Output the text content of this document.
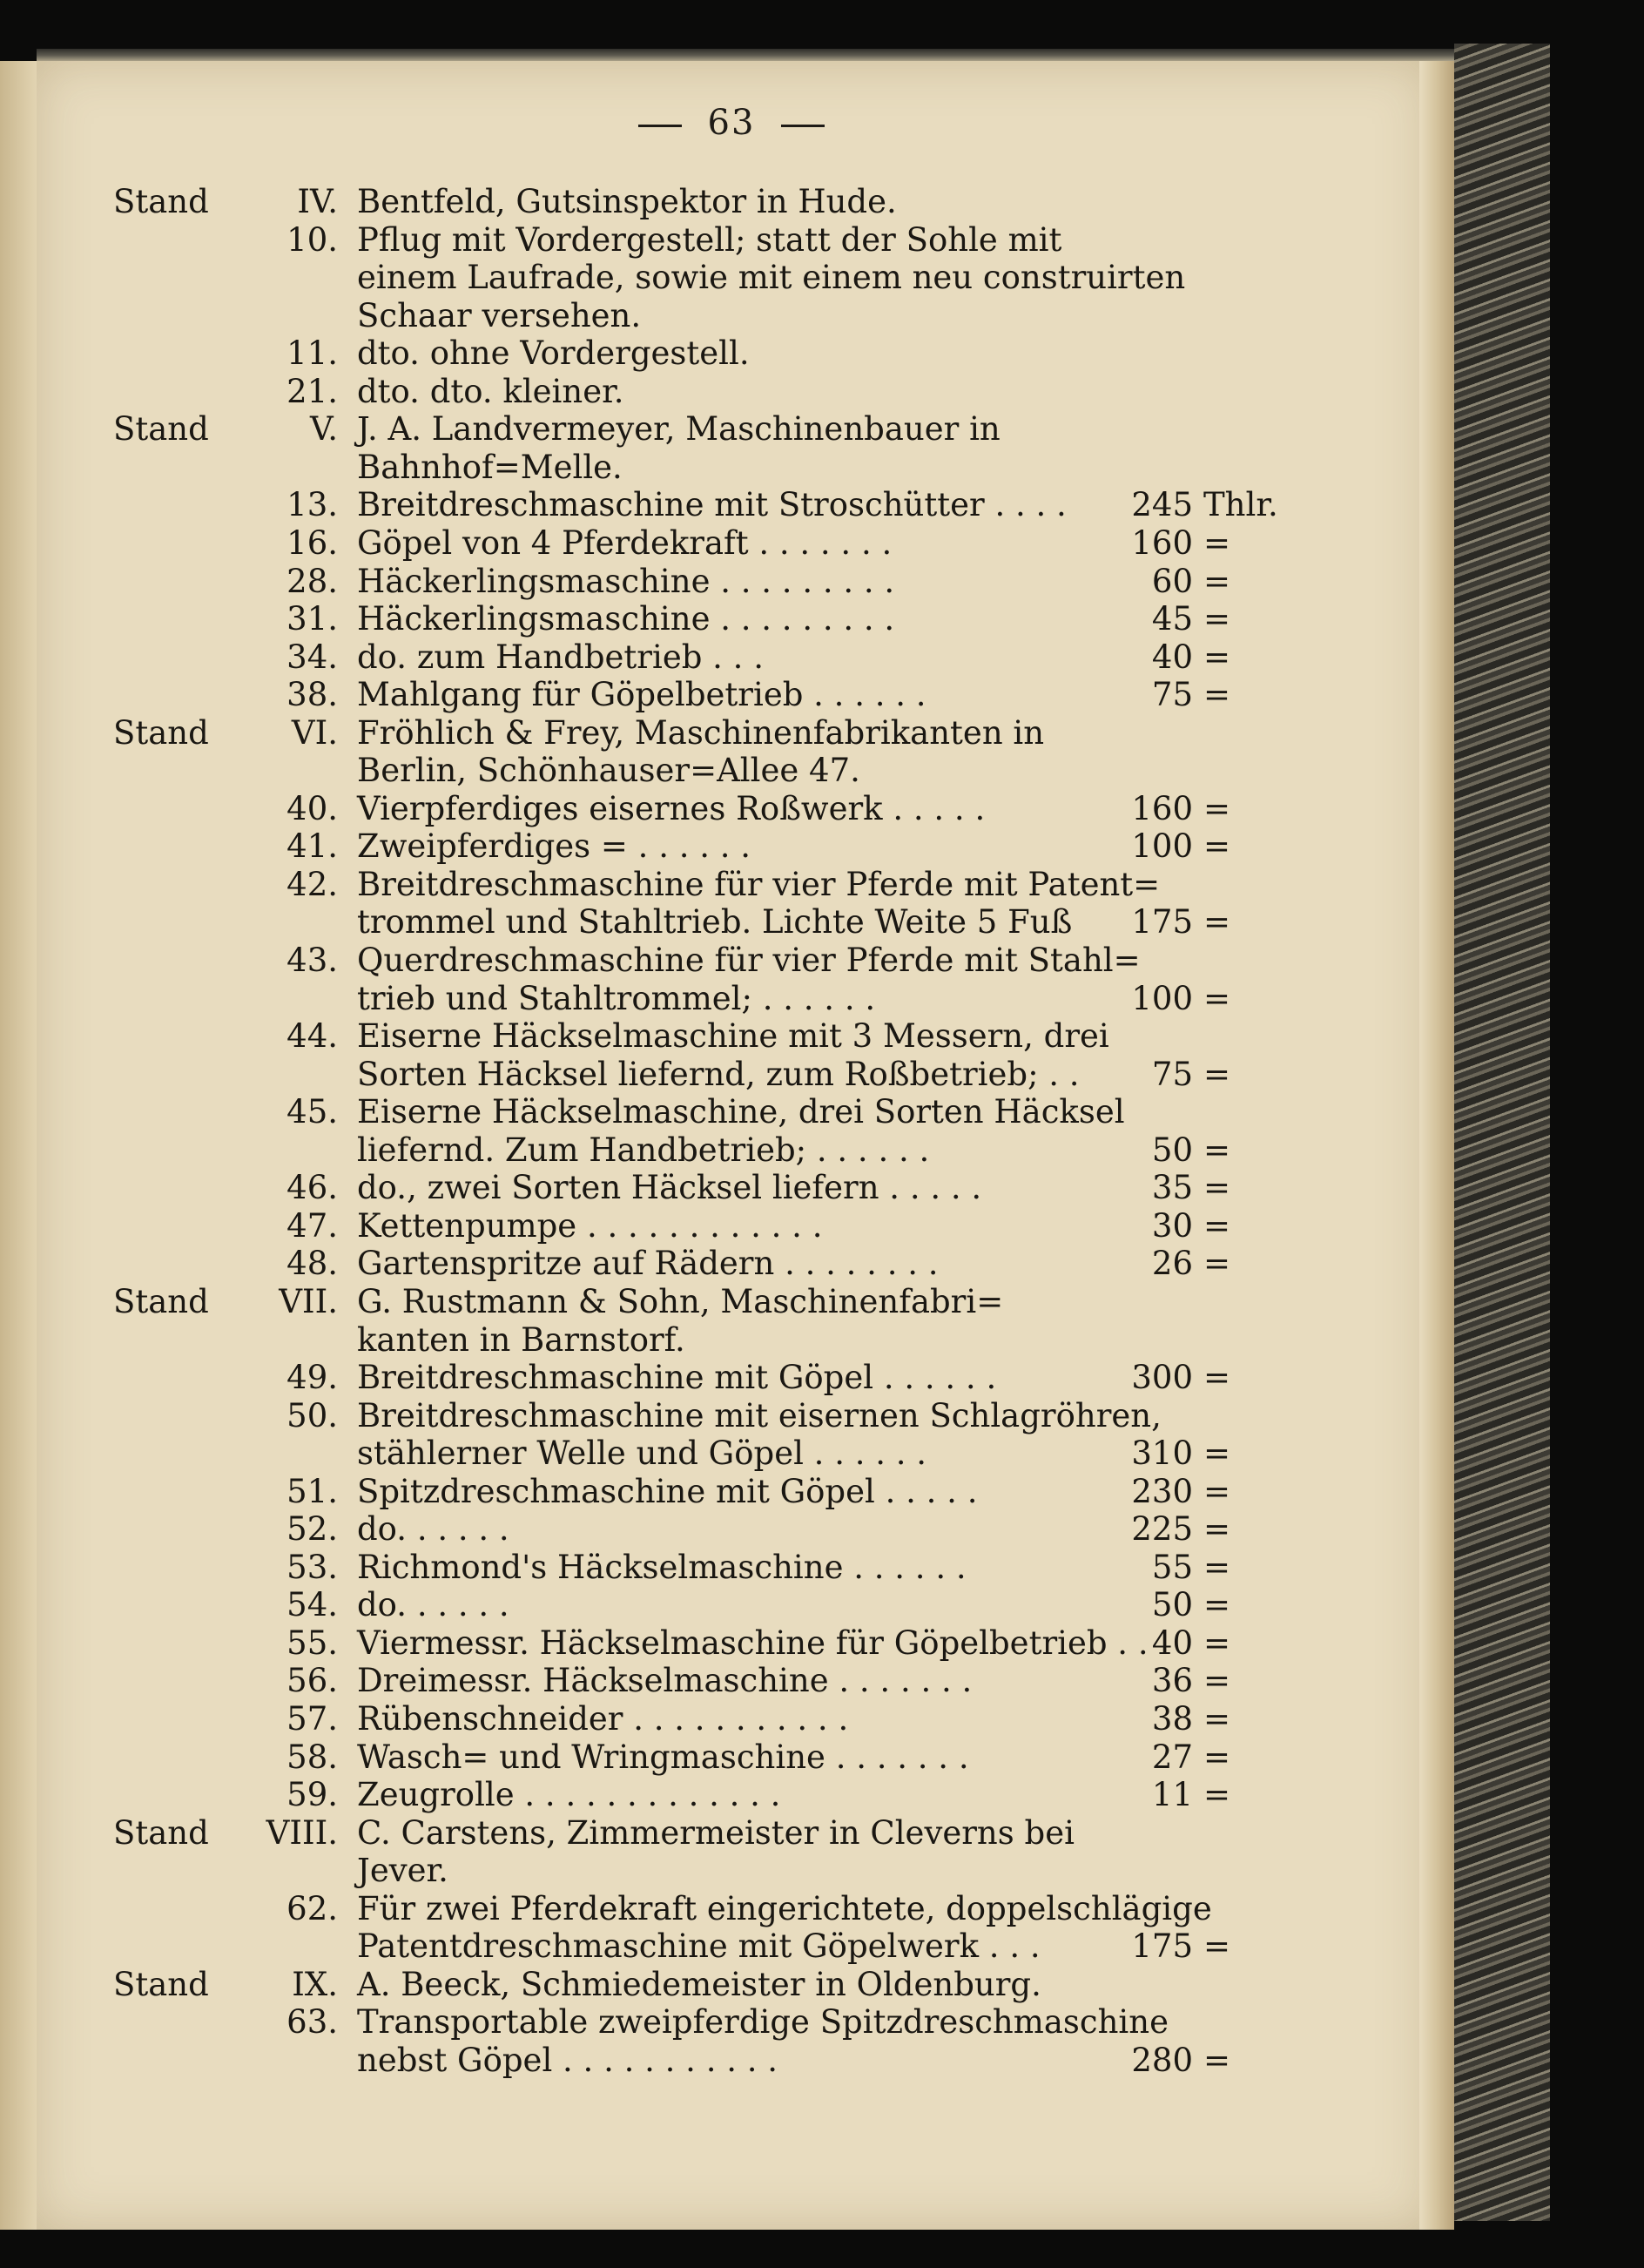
63
Stand	IV. Bentfeld, Gutsinspektor in Hude.
10. Pflug mit Vordergestell; statt der Sohle mit
einem Laufrade, sowie mit einem neu construirten
Schaar versehen.
11. dto. ohne Vordergestell.
21. dto. dto. kleiner.
Stand	V. J. A. Landvermeyer, Maschinenbauer in
Bahnhof=Melle.
13. Breitdreschmaschine mit Stroschütter . . . .	245 Thlr.
16. Göpel von 4 Pferdekraft . . . . . . .	160 =
28. Häckerlingsmaschine . . . . . . . . .	60 =
31. Häckerlingsmaschine . . . . . . . . .	45 =
34. do. zum Handbetrieb . . .	40 =
38. Mahlgang für Göpelbetrieb . . . . . .	75 =
Stand	VI. Fröhlich & Frey, Maschinenfabrikanten in
Berlin, Schönhauser=Allee 47.
40. Vierpferdiges eisernes Roßwerk . . . . .	160 =
41. Zweipferdiges = . . . . . .	100 =
42. Breitdreschmaschine für vier Pferde mit Patent=
trommel und Stahltrieb. Lichte Weite 5 Fuß	175 =
43. Querdreschmaschine für vier Pferde mit Stahl=
trieb und Stahltrommel; . . . . . .	100 =
44. Eiserne Häckselmaschine mit 3 Messern, drei
Sorten Häcksel liefernd, zum Roßbetrieb; . .	75 =
45. Eiserne Häckselmaschine, drei Sorten Häcksel
liefernd. Zum Handbetrieb; . . . . . .	50 =
46. do., zwei Sorten Häcksel liefern . . . . .	35 =
47. Kettenpumpe . . . . . . . . . . . .	30 =
48. Gartenspritze auf Rädern . . . . . . . .	26 =
Stand	VII. G. Rustmann & Sohn, Maschinenfabri=
kanten in Barnstorf.
49. Breitdreschmaschine mit Göpel . . . . . .	300 =
50. Breitdreschmaschine mit eisernen Schlagröhren,
stählerner Welle und Göpel . . . . . .	310 =
51. Spitzdreschmaschine mit Göpel . . . . .	230 =
52. do. . . . . .	225 =
53. Richmond's Häckselmaschine . . . . . .	55 =
54. do. . . . . .	50 =
55. Viermessr. Häckselmaschine für Göpelbetrieb . . 40 =
56. Dreimessr. Häckselmaschine . . . . . . .	36 =
57. Rübenschneider . . . . . . . . . . .	38 =
58. Wasch= und Wringmaschine . . . . . . .	27 =
59. Zeugrolle . . . . . . . . . . . . .	11 =
Stand	VIII. C. Carstens, Zimmermeister in Cleverns bei
Jever.
62. Für zwei Pferdekraft eingerichtete, doppelschlägige
Patentdreschmaschine mit Göpelwerk . . .	175 =
Stand	IX. A. Beeck, Schmiedemeister in Oldenburg.
63. Transportable zweipferdige Spitzdreschmaschine
nebst Göpel . . . . . . . . . . .	280 =
